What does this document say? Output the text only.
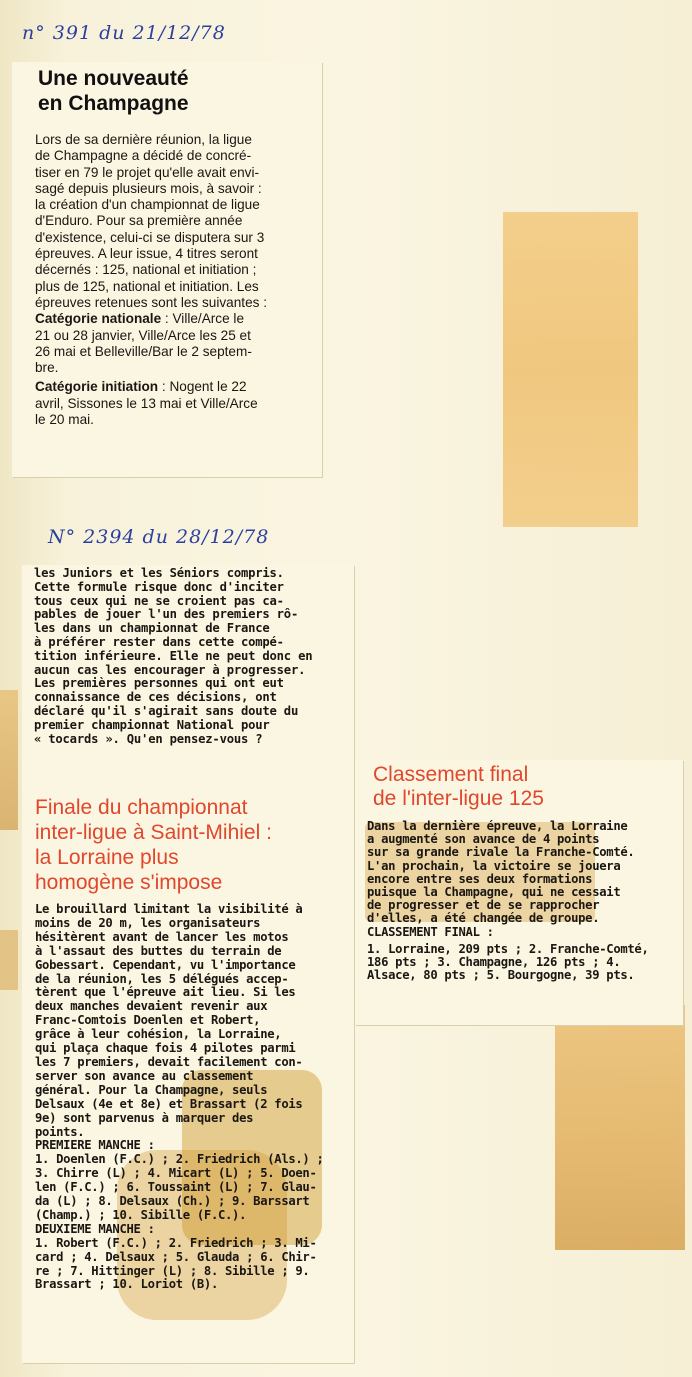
n° 391 du 21/12/78
N° 2394 du 28/12/78
Une nouveauté
en Champagne
Lors de sa dernière réunion, la ligue
de Champagne a décidé de concré-
tiser en 79 le projet qu'elle avait envi-
sagé depuis plusieurs mois, à savoir :
la création d'un championnat de ligue
d'Enduro. Pour sa première année
d'existence, celui-ci se disputera sur 3
épreuves. A leur issue, 4 titres seront
décernés : 125, national et initiation ;
plus de 125, national et initiation. Les
épreuves retenues sont les suivantes :
Catégorie nationale : Ville/Arce le
21 ou 28 janvier, Ville/Arce les 25 et
26 mai et Belleville/Bar le 2 septem-
bre.
Catégorie initiation : Nogent le 22
avril, Sissones le 13 mai et Ville/Arce
le 20 mai.
les Juniors et les Séniors compris.
Cette formule risque donc d'inciter
tous ceux qui ne se croient pas ca-
pables de jouer l'un des premiers rô-
les dans un championnat de France
à préférer rester dans cette compé-
tition inférieure. Elle ne peut donc en
aucun cas les encourager à progresser.
Les premières personnes qui ont eut
connaissance de ces décisions, ont
déclaré qu'il s'agirait sans doute du
premier championnat National pour
« tocards ». Qu'en pensez-vous ?
Finale du championnat
inter-ligue à Saint-Mihiel :
la Lorraine plus
homogène s'impose
Le brouillard limitant la visibilité à
moins de 20 m, les organisateurs
hésitèrent avant de lancer les motos
à l'assaut des buttes du terrain de
Gobessart. Cependant, vu l'importance
de la réunion, les 5 délégués accep-
tèrent que l'épreuve ait lieu. Si les
deux manches devaient revenir aux
Franc-Comtois Doenlen et Robert,
grâce à leur cohésion, la Lorraine,
qui plaça chaque fois 4 pilotes parmi
les 7 premiers, devait facilement con-
server son avance au classement
général. Pour la Champagne, seuls
Delsaux (4e et 8e) et Brassart (2 fois
9e) sont parvenus à marquer des
points.
PREMIERE MANCHE :
1. Doenlen (F.C.) ; 2. Friedrich (Als.) ;
3. Chirre (L) ; 4. Micart (L) ; 5. Doen-
len (F.C.) ; 6. Toussaint (L) ; 7. Glau-
da (L) ; 8. Delsaux (Ch.) ; 9. Barssart
(Champ.) ; 10. Sibille (F.C.).
DEUXIEME MANCHE :
1. Robert (F.C.) ; 2. Friedrich ; 3. Mi-
card ; 4. Delsaux ; 5. Glauda ; 6. Chir-
re ; 7. Hittinger (L) ; 8. Sibille ; 9.
Brassart ; 10. Loriot (B).
Classement final
de l'inter-ligue 125
Dans la dernière épreuve, la Lorraine
a augmenté son avance de 4 points
sur sa grande rivale la Franche-Comté.
L'an prochain, la victoire se jouera
encore entre ses deux formations
puisque la Champagne, qui ne cessait
de progresser et de se rapprocher
d'elles, a été changée de groupe.
CLASSEMENT FINAL :
1. Lorraine, 209 pts ; 2. Franche-Comté,
186 pts ; 3. Champagne, 126 pts ; 4.
Alsace, 80 pts ; 5. Bourgogne, 39 pts.
